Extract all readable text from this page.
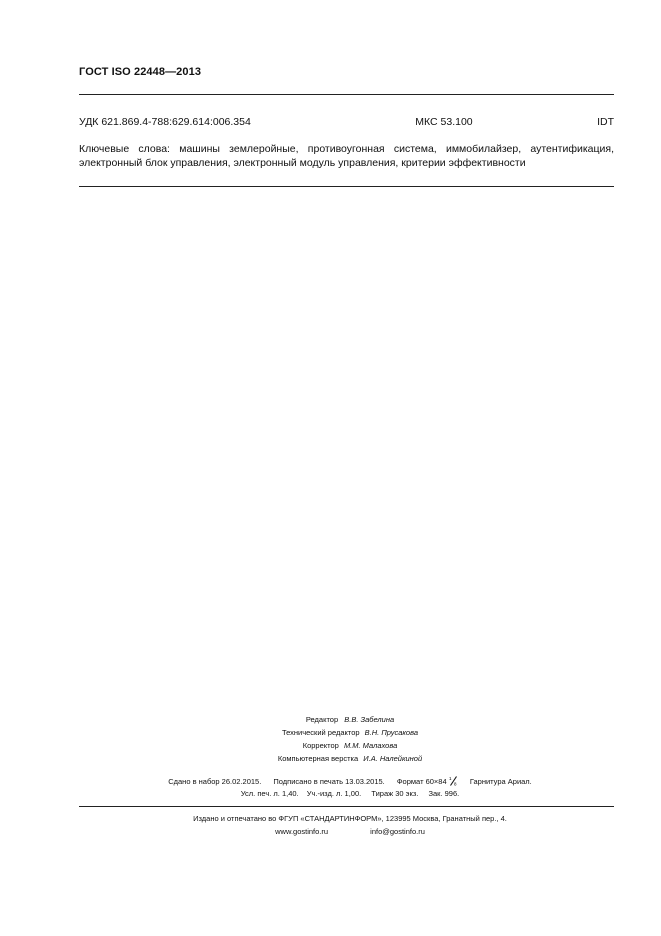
ГОСТ ISO 22448—2013
УДК 621.869.4-788:629.614:006.354	МКС 53.100	IDT
Ключевые слова: машины землеройные, противоугонная система, иммобилайзер, аутентификация,
электронный блок управления, электронный модуль управления, критерии эффективности
Редактор В.В. Забелина
Технический редактор В.Н. Прусакова
Корректор М.М. Малахова
Компьютерная верстка И.А. Налейкиной
Сдано в набор 26.02.2015. Подписано в печать 13.03.2015. Формат 60×84 1
8 Гарнитура Ариал.
Усл. печ. л. 1,40. Уч.-изд. л. 1,00. Тираж 30 экз. Зак. 996.
Издано и отпечатано во ФГУП «СТАНДАРТИНФОРМ», 123995 Москва, Гранатный пер., 4.
www.gostinfo.ru	info@gostinfo.ru
